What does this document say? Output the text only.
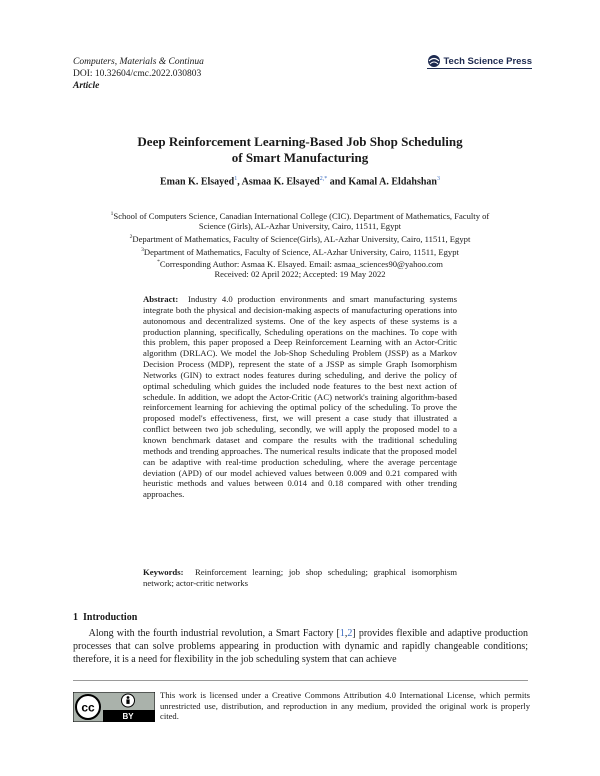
Computers, Materials & Continua
DOI: 10.32604/cmc.2022.030803
Article
Tech Science Press
Deep Reinforcement Learning-Based Job Shop Scheduling
of Smart Manufacturing
Eman K. Elsayed$^1$, Asmaa K. Elsayed$^{2,*}$ and Kamal A. Eldahshan$^3$
$^1$School of Computers Science, Canadian International College (CIC). Department of Mathematics, Faculty of Science (Girls), AL-Azhar University, Cairo, 11511, Egypt
$^2$Department of Mathematics, Faculty of Science(Girls), AL-Azhar University, Cairo, 11511, Egypt
$^3$Department of Mathematics, Faculty of Science, AL-Azhar University, Cairo, 11511, Egypt
*Corresponding Author: Asmaa K. Elsayed. Email: asmaa_sciences90@yahoo.com
Received: 02 April 2022; Accepted: 19 May 2022
Abstract: Industry 4.0 production environments and smart manufacturing systems integrate both the physical and decision-making aspects of manufacturing operations into autonomous and decentralized systems. One of the key aspects of these systems is a production planning, specifically, Scheduling operations on the machines. To cope with this problem, this paper proposed a Deep Reinforcement Learning with an Actor-Critic algorithm (DRLAC). We model the Job-Shop Scheduling Problem (JSSP) as a Markov Decision Process (MDP), represent the state of a JSSP as simple Graph Isomorphism Networks (GIN) to extract nodes features during scheduling, and derive the policy of optimal scheduling which guides the included node features to the best next action of schedule. In addition, we adopt the Actor-Critic (AC) network's training algorithm-based reinforcement learning for achieving the optimal policy of the scheduling. To prove the proposed model's effectiveness, first, we will present a case study that illustrated a conflict between two job scheduling, secondly, we will apply the proposed model to a known benchmark dataset and compare the results with the traditional scheduling methods and trending approaches. The numerical results indicate that the proposed model can be adaptive with real-time production scheduling, where the average percentage deviation (APD) of our model achieved values between 0.009 and 0.21 compared with heuristic methods and values between 0.014 and 0.18 compared with other trending approaches.
Keywords: Reinforcement learning; job shop scheduling; graphical isomorphism network; actor-critic networks
1 Introduction
Along with the fourth industrial revolution, a Smart Factory [1,2] provides flexible and adaptive production processes that can solve problems appearing in production with dynamic and rapidly changeable conditions; therefore, it is a need for flexibility in the job scheduling system that can achieve
cc
BY
This work is licensed under a Creative Commons Attribution 4.0 International License, which permits unrestricted use, distribution, and reproduction in any medium, provided the original work is properly cited.
